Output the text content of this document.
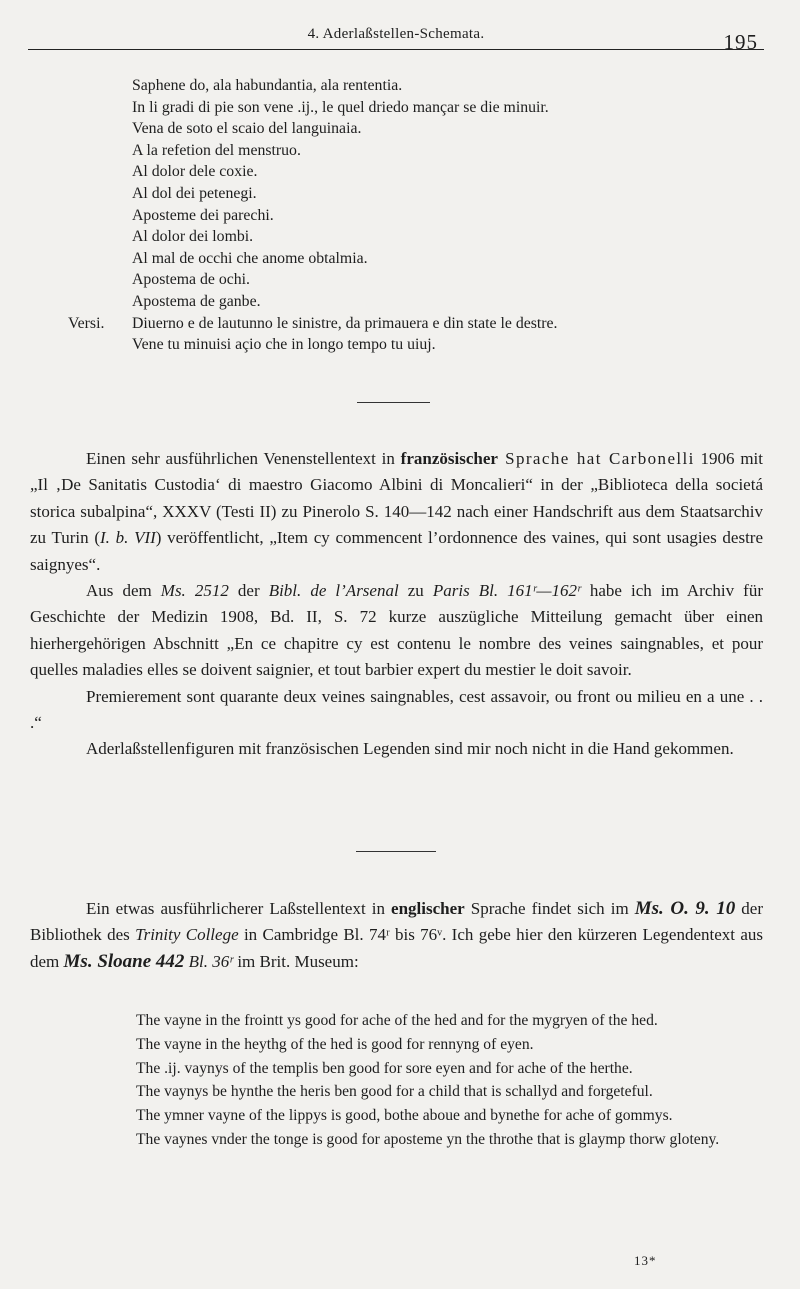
4. Aderlaßstellen-Schemata.	195
Saphene do, ala habundantia, ala rententia.
In li gradi di pie son vene .ij., le quel driedo mançar se die minuir.
Vena de soto el scaio del languinaia.
A la refetion del menstruo.
Al dolor dele coxie.
Al dol dei petenegi.
Aposteme dei parechi.
Al dolor dei lombi.
Al mal de occhi che anome obtalmia.
Apostema de ochi.
Apostema de ganbe.
Versi. Diuerno e de lautunno le sinistre, da primauera e din state le destre.
Vene tu minuisi açio che in longo tempo tu uiuj.

Einen sehr ausführlichen Venenstellentext in französischer Sprache hat Carbonelli 1906 mit „Il ‚De Sanitatis Custodia‘ di maestro Giacomo Albini di Moncalieri“ in der „Biblioteca della societá storica subalpina“, XXXV (Testi II) zu Pinerolo S. 140—142 nach einer Handschrift aus dem Staatsarchiv zu Turin (I. b. VII) veröffentlicht, „Item cy commencent l’ordonnence des vaines, qui sont usagies destre saignyes“.

Aus dem Ms. 2512 der Bibl. de l’Arsenal zu Paris Bl. 161ʳ—162ʳ habe ich im Archiv für Geschichte der Medizin 1908, Bd. II, S. 72 kurze auszügliche Mitteilung gemacht über einen hierhergehörigen Abschnitt „En ce chapitre cy est contenu le nombre des veines saingnables, et pour quelles maladies elles se doivent saignier, et tout barbier expert du mestier le doit savoir.

Premierement sont quarante deux veines saingnables, cest assavoir, ou front ou milieu en a une . . .“

Aderlaßstellenfiguren mit französischen Legenden sind mir noch nicht in die Hand gekommen.

Ein etwas ausführlicherer Laßstellentext in englischer Sprache findet sich im Ms. O. 9. 10 der Bibliothek des Trinity College in Cambridge Bl. 74ʳ bis 76ᵛ. Ich gebe hier den kürzeren Legendentext aus dem Ms. Sloane 442 Bl. 36ʳ im Brit. Museum:

The vayne in the frointt ys good for ache of the hed and for the mygryen of the hed.

The vayne in the heythg of the hed is good for rennyng of eyen.

The .ij. vaynys of the templis ben good for sore eyen and for ache of the herthe.

The vaynys be hynthe the heris ben good for a child that is schallyd and forgeteful.

The ymner vayne of the lippys is good, bothe aboue and bynethe for ache of gommys.

The vaynes vnder the tonge is good for aposteme yn the throthe that is glaymp thorw gloteny.

13*
